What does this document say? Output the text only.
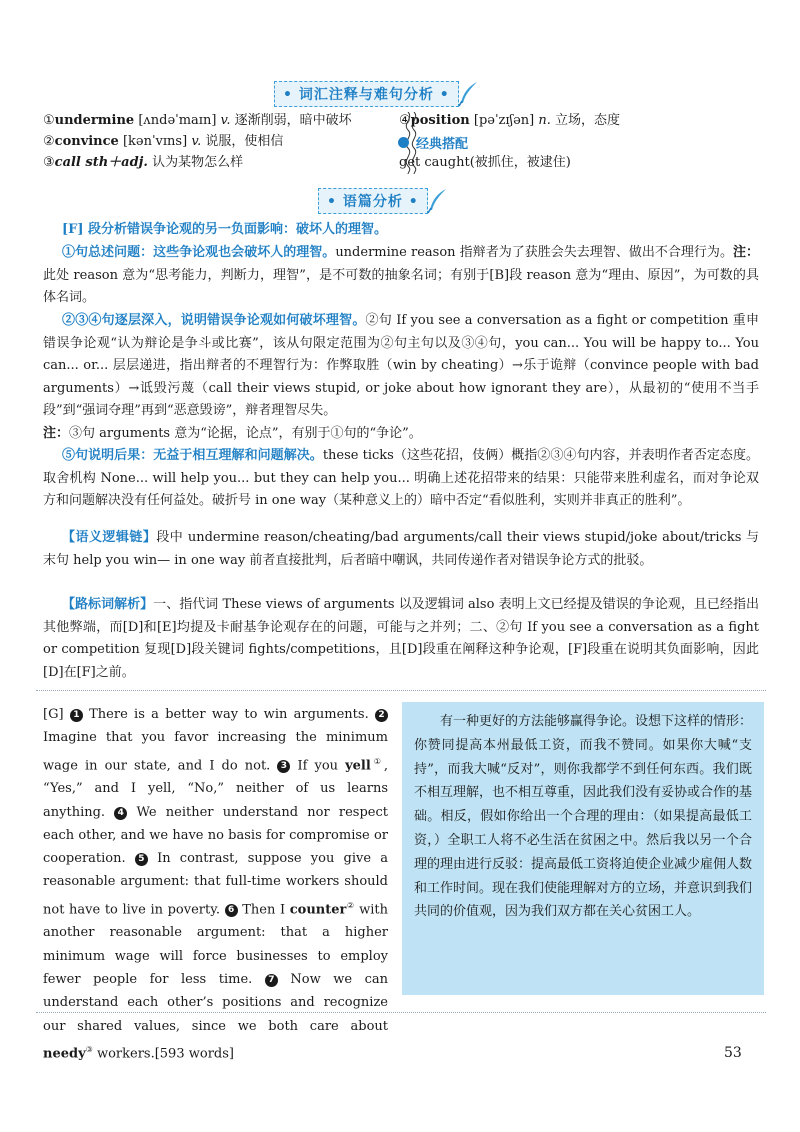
• 词汇注释与难句分析 •
①undermine [ʌndəˈmaɪn] v. 逐渐削弱，暗中破坏
②convince [kənˈvɪns] v. 说服，使相信
③call sth＋adj. 认为某物怎么样
④position [pəˈzɪʃən] n. 立场，态度
经典搭配
get caught(被抓住，被逮住)
• 语篇分析 •
[F] 段分析错误争论观的另一负面影响：破坏人的理智。
①句总述问题：这些争论观也会破坏人的理智。undermine reason 指辩者为了获胜会失去理智、做出不合理行为。注：此处 reason 意为“思考能力，判断力，理智”，是不可数的抽象名词；有别于[B]段 reason 意为“理由、原因”，为可数的具体名词。
②③④句逐层深入，说明错误争论观如何破坏理智。②句 If you see a conversation as a fight or competition 重申错误争论观“认为辩论是争斗或比赛”，该从句限定范围为②句主句以及③④句，you can... You will be happy to... You can... or... 层层递进，指出辩者的不理智行为：作弊取胜（win by cheating）→乐于诡辩（convince people with bad arguments）→诋毁污蔑（call their views stupid, or joke about how ignorant they are），从最初的“使用不当手段”到“强词夺理”再到“恶意毁谤”，辩者理智尽失。
注：③句 arguments 意为“论据，论点”，有别于①句的“争论”。
⑤句说明后果：无益于相互理解和问题解决。these ticks（这些花招，伎俩）概指②③④句内容，并表明作者否定态度。取舍机构 None... will help you... but they can help you... 明确上述花招带来的结果：只能带来胜利虚名，而对争论双方和问题解决没有任何益处。破折号 in one way（某种意义上的）暗中否定“看似胜利，实则并非真正的胜利”。
【语义逻辑链】段中 undermine reason/cheating/bad arguments/call their views stupid/joke about/tricks 与末句 help you win— in one way 前者直接批判，后者暗中嘲讽，共同传递作者对错误争论方式的批驳。
【路标词解析】一、指代词 These views of arguments 以及逻辑词 also 表明上文已经提及错误的争论观，且已经指出其他弊端，而[D]和[E]均提及卡耐基争论观存在的问题，可能与之并列；二、②句 If you see a conversation as a fight or competition 复现[D]段关键词 fights/competitions，且[D]段重在阐释这种争论观，[F]段重在说明其负面影响，因此[D]在[F]之前。
[G] 1 There is a better way to win arguments. 2 Imagine that you favor increasing the minimum wage in our state, and I do not. 3 If you yell①, “Yes,” and I yell, “No,” neither of us learns anything. 4 We neither understand nor respect each other, and we have no basis for compromise or cooperation. 5 In contrast, suppose you give a reasonable argument: that full-time workers should not have to live in poverty. 6 Then I counter② with another reasonable argument: that a higher minimum wage will force businesses to employ fewer people for less time. 7 Now we can understand each other’s positions and recognize our shared values, since we both care about needy③ workers.[593 words]
有一种更好的方法能够赢得争论。设想下这样的情形：你赞同提高本州最低工资，而我不赞同。如果你大喊“支持”，而我大喊“反对”，则你我都学不到任何东西。我们既不相互理解，也不相互尊重，因此我们没有妥协或合作的基础。相反，假如你给出一个合理的理由：（如果提高最低工资，）全职工人将不必生活在贫困之中。然后我以另一个合理的理由进行反驳：提高最低工资将迫使企业减少雇佣人数和工作时间。现在我们使能理解对方的立场，并意识到我们共同的价值观，因为我们双方都在关心贫困工人。
53
